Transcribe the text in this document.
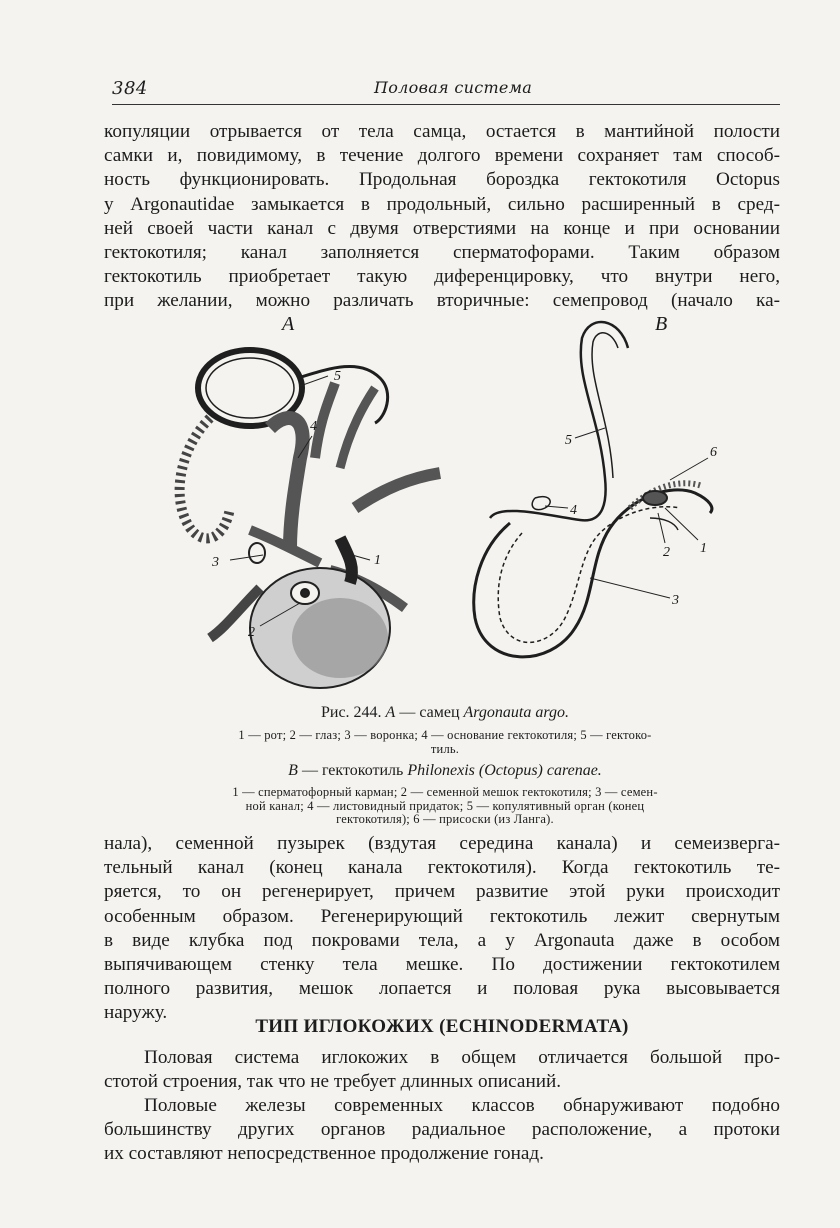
384	Половая система
копуляции отрывается от тела самца, остается в мантийной полости
самки и, повидимому, в течение долгого времени сохраняет там способ-
ность функционировать. Продольная бороздка гектокотиля Octopus
у Argonautidae замыкается в продольный, сильно расширенный в сред-
ней своей части канал с двумя отверстиями на конце и при основании
гектокотиля; канал заполняется сперматофорами. Таким образом
гектокотиль приобретает такую диференцировку, что внутри него,
при желании, можно различать вторичные: семепровод (начало ка-
A	B
5
4
3	1
2
5
4
6
2 1
3
Рис. 244. A — самец Argonauta argo.
1 — рот; 2 — глаз; 3 — воронка; 4 — основание гектокотиля; 5 — гектоко-
тиль.
B — гектокотиль Philonexis (Octopus) carenae.
1 — сперматофорный карман; 2 — семенной мешок гектокотиля; 3 — семен-
ной канал; 4 — листовидный придаток; 5 — копулятивный орган (конец
гектокотиля); 6 — присоски (из Ланга).
нала), семенной пузырек (вздутая середина канала) и семеизверга-
тельный канал (конец канала гектокотиля). Когда гектокотиль те-
ряется, то он регенерирует, причем развитие этой руки происходит
особенным образом. Регенерирующий гектокотиль лежит свернутым
в виде клубка под покровами тела, а у Argonauta даже в особом
выпячивающем стенку тела мешке. По достижении гектокотилем
полного развития, мешок лопается и половая рука высовывается
наружу.
ТИП ИГЛОКОЖИХ (ECHINODERMATA)
Половая система иглокожих в общем отличается большой про-
стотой строения, так что не требует длинных описаний.
Половые железы современных классов обнаруживают подобно
большинству других органов радиальное расположение, а протоки
их составляют непосредственное продолжение гонад.
